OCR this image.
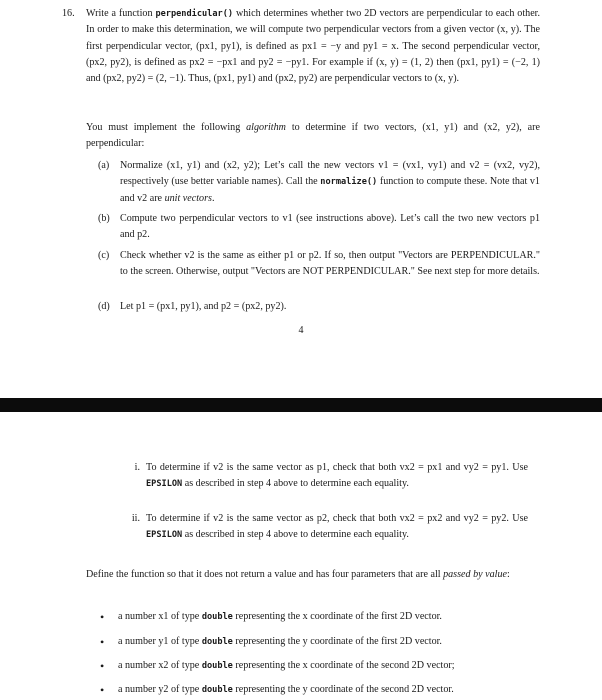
16. Write a function perpendicular() which determines whether two 2D vectors are perpendicular to each other. In order to make this determination, we will compute two perpendicular vectors from a given vector (x, y). The first perpendicular vector, (px1, py1), is defined as px1 = −y and py1 = x. The second perpendicular vector, (px2, py2), is defined as px2 = −px1 and py2 = −py1. For example if (x, y) = (1, 2) then (px1, py1) = (−2, 1) and (px2, py2) = (2, −1). Thus, (px1, py1) and (px2, py2) are perpendicular vectors to (x, y).
You must implement the following algorithm to determine if two vectors, (x1, y1) and (x2, y2), are perpendicular:
(a) Normalize (x1, y1) and (x2, y2); Let’s call the new vectors v1 = (vx1, vy1) and v2 = (vx2, vy2), respectively (use better variable names). Call the normalize() function to compute these. Note that v1 and v2 are unit vectors.
(b) Compute two perpendicular vectors to v1 (see instructions above). Let’s call the two new vectors p1 and p2.
(c) Check whether v2 is the same as either p1 or p2. If so, then output "Vectors are PERPENDICULAR." to the screen. Otherwise, output "Vectors are NOT PERPENDICULAR." See next step for more details.
(d) Let p1 = (px1, py1), and p2 = (px2, py2).
4
i. To determine if v2 is the same vector as p1, check that both vx2 = px1 and vy2 = py1. Use EPSILON as described in step 4 above to determine each equality.
ii. To determine if v2 is the same vector as p2, check that both vx2 = px2 and vy2 = py2. Use EPSILON as described in step 4 above to determine each equality.
Define the function so that it does not return a value and has four parameters that are all passed by value:
• a number x1 of type double representing the x coordinate of the first 2D vector.
• a number y1 of type double representing the y coordinate of the first 2D vector.
• a number x2 of type double representing the x coordinate of the second 2D vector;
• a number y2 of type double representing the y coordinate of the second 2D vector.
